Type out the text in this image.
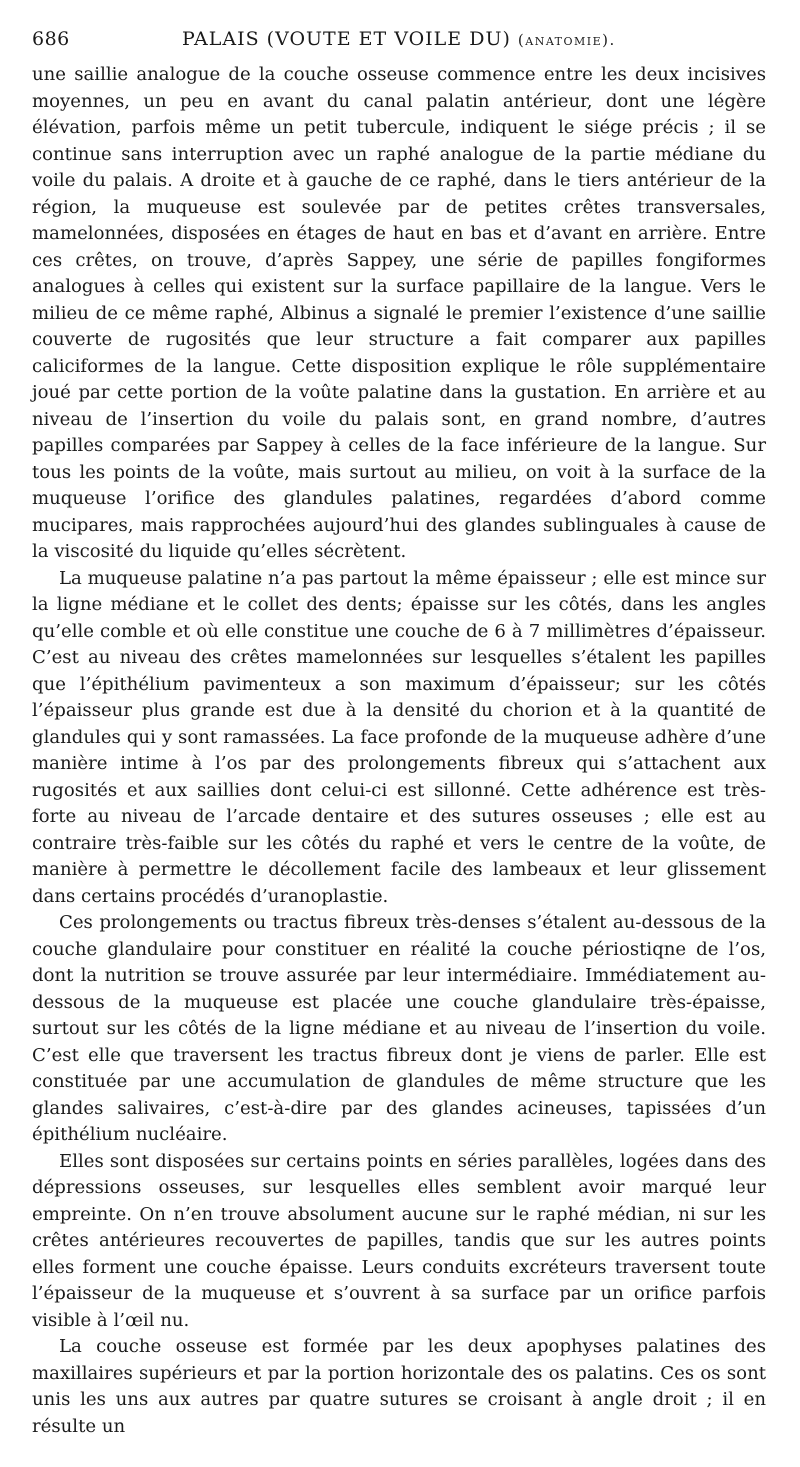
686	PALAIS (VOUTE ET VOILE DU) (anatomie).

une saillie analogue de la couche osseuse commence entre les deux incisives moyennes, un peu en avant du canal palatin antérieur, dont une légère élévation, parfois même un petit tubercule, indiquent le siége précis ; il se continue sans interruption avec un raphé analogue de la partie médiane du voile du palais. A droite et à gauche de ce raphé, dans le tiers antérieur de la région, la muqueuse est soulevée par de petites crêtes transversales, mamelonnées, disposées en étages de haut en bas et d’avant en arrière. Entre ces crêtes, on trouve, d’après Sappey, une série de papilles fongiformes analogues à celles qui existent sur la surface papillaire de la langue. Vers le milieu de ce même raphé, Albinus a signalé le premier l’existence d’une saillie couverte de rugosités que leur structure a fait comparer aux papilles caliciformes de la langue. Cette disposition explique le rôle supplémentaire joué par cette portion de la voûte palatine dans la gustation. En arrière et au niveau de l’insertion du voile du palais sont, en grand nombre, d’autres papilles comparées par Sappey à celles de la face inférieure de la langue. Sur tous les points de la voûte, mais surtout au milieu, on voit à la surface de la muqueuse l’orifice des glandules palatines, regardées d’abord comme mucipares, mais rapprochées aujourd’hui des glandes sublinguales à cause de la viscosité du liquide qu’elles sécrètent.

La muqueuse palatine n’a pas partout la même épaisseur ; elle est mince sur la ligne médiane et le collet des dents; épaisse sur les côtés, dans les angles qu’elle comble et où elle constitue une couche de 6 à 7 millimètres d’épaisseur. C’est au niveau des crêtes mamelonnées sur lesquelles s’étalent les papilles que l’épithélium pavimenteux a son maximum d’épaisseur; sur les côtés l’épaisseur plus grande est due à la densité du chorion et à la quantité de glandules qui y sont ramassées. La face profonde de la muqueuse adhère d’une manière intime à l’os par des prolongements fibreux qui s’attachent aux rugosités et aux saillies dont celui-ci est sillonné. Cette adhérence est très-forte au niveau de l’arcade dentaire et des sutures osseuses ; elle est au contraire très-faible sur les côtés du raphé et vers le centre de la voûte, de manière à permettre le décollement facile des lambeaux et leur glissement dans certains procédés d’uranoplastie.

Ces prolongements ou tractus fibreux très-denses s’étalent au-dessous de la couche glandulaire pour constituer en réalité la couche périostiqne de l’os, dont la nutrition se trouve assurée par leur intermédiaire. Immédiatement au-dessous de la muqueuse est placée une couche glandulaire très-épaisse, surtout sur les côtés de la ligne médiane et au niveau de l’insertion du voile. C’est elle que traversent les tractus fibreux dont je viens de parler. Elle est constituée par une accumulation de glandules de même structure que les glandes salivaires, c’est-à-dire par des glandes acineuses, tapissées d’un épithélium nucléaire.

Elles sont disposées sur certains points en séries parallèles, logées dans des dépressions osseuses, sur lesquelles elles semblent avoir marqué leur empreinte. On n’en trouve absolument aucune sur le raphé médian, ni sur les crêtes antérieures recouvertes de papilles, tandis que sur les autres points elles forment une couche épaisse. Leurs conduits excréteurs traversent toute l’épaisseur de la muqueuse et s’ouvrent à sa surface par un orifice parfois visible à l’œil nu.

La couche osseuse est formée par les deux apophyses palatines des maxillaires supérieurs et par la portion horizontale des os palatins. Ces os sont unis les uns aux autres par quatre sutures se croisant à angle droit ; il en résulte un
